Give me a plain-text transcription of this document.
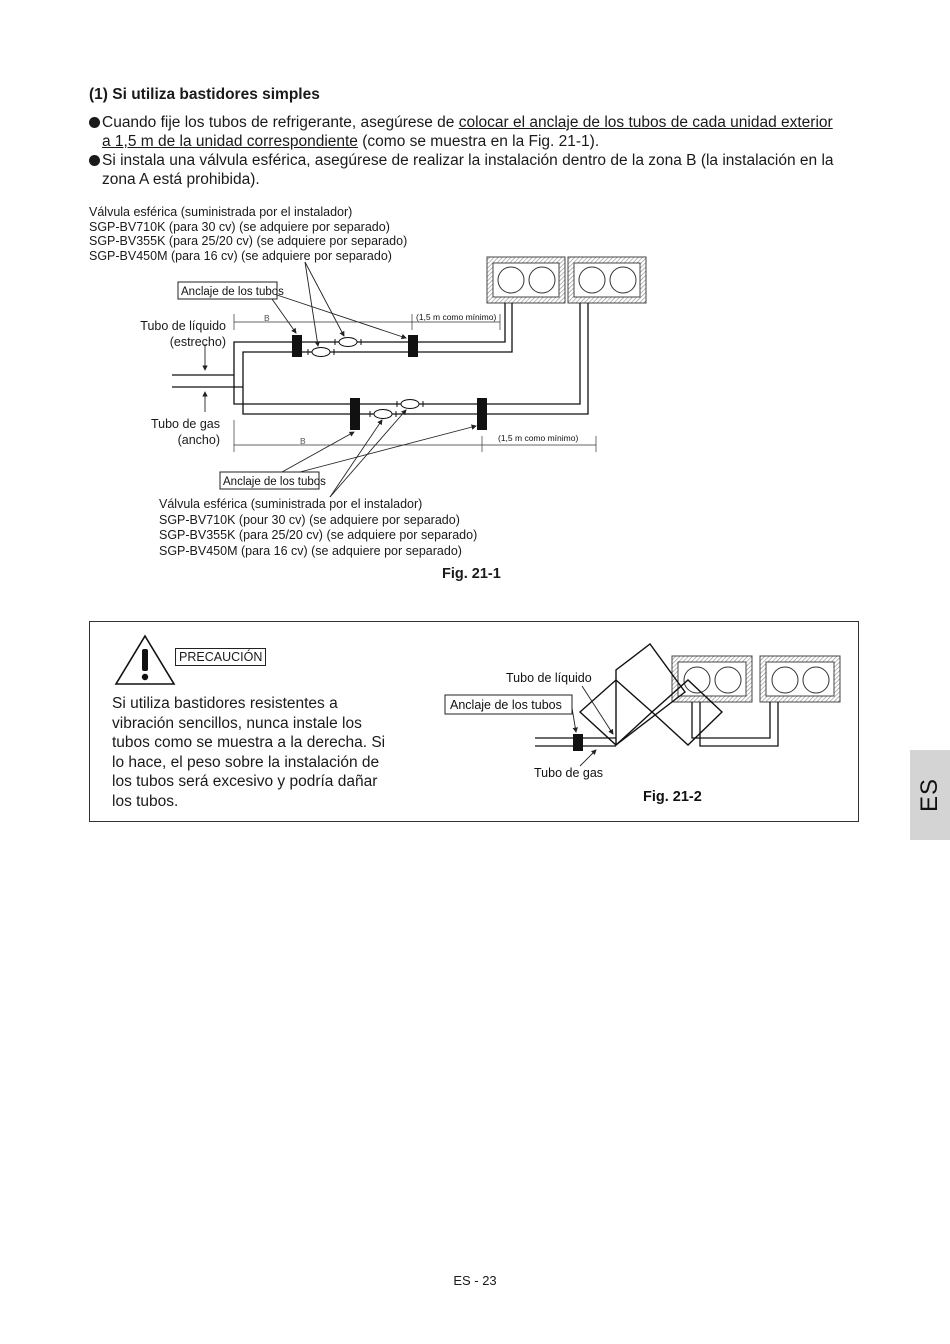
(1) Si utiliza bastidores simples
Cuando fije los tubos de refrigerante, asegúrese de colocar el anclaje de los tubos de cada unidad exterior
a 1,5 m de la unidad correspondiente (como se muestra en la Fig. 21-1).
Si instala una válvula esférica, asegúrese de realizar la instalación dentro de la zona B (la instalación en la
zona A está prohibida).
Válvula esférica (suministrada por el instalador)
SGP-BV710K (para 30 cv) (se adquiere por separado)
SGP-BV355K (para 25/20 cv) (se adquiere por separado)
SGP-BV450M (para 16 cv) (se adquiere por separado)
Tubo de líquido
(estrecho)
Tubo de gas
(ancho)
Válvula esférica (suministrada por el instalador)
SGP-BV710K (pour 30 cv) (se adquiere por separado)
SGP-BV355K (para 25/20 cv) (se adquiere por separado)
SGP-BV450M (para 16 cv) (se adquiere por separado)
Fig. 21-1
Anclaje de los tubos
B
B
(1,5 m como mínimo)
(1,5 m como mínimo)
Anclaje de los tubos
PRECAUCIÓN
Si utiliza bastidores resistentes a
vibración sencillos, nunca instale los
tubos como se muestra a la derecha. Si
lo hace, el peso sobre la instalación de
los tubos será excesivo y podría dañar
los tubos.
Anclaje de los tubos
Tubo de líquido
Tubo de gas
Fig. 21-2	ES
ES - 23
